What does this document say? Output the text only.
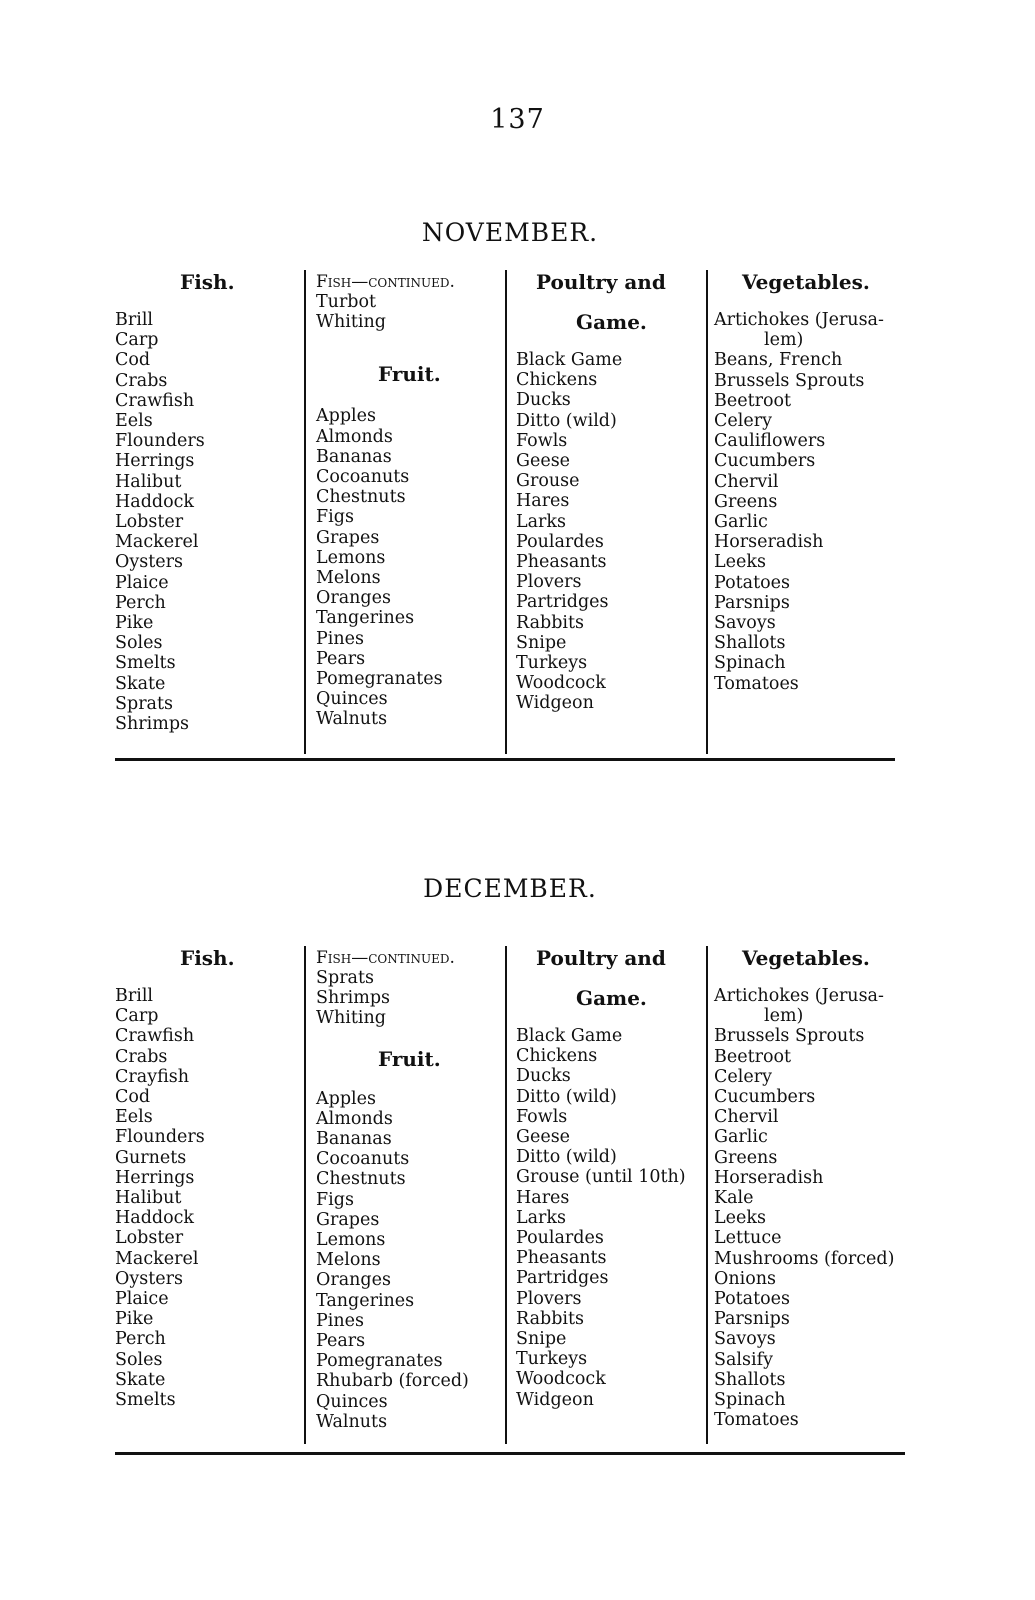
137
NOVEMBER.
Fish.
Brill
Carp
Cod
Crabs
Crawfish
Eels
Flounders
Herrings
Halibut
Haddock
Lobster
Mackerel
Oysters
Plaice
Perch
Pike
Soles
Smelts
Skate
Sprats
Shrimps
Fish—continued.
Turbot
Whiting
Fruit.
Apples
Almonds
Bananas
Cocoanuts
Chestnuts
Figs
Grapes
Lemons
Melons
Oranges
Tangerines
Pines
Pears
Pomegranates
Quinces
Walnuts
Poultry and
Game.
Black Game
Chickens
Ducks
Ditto (wild)
Fowls
Geese
Grouse
Hares
Larks
Poulardes
Pheasants
Plovers
Partridges
Rabbits
Snipe
Turkeys
Woodcock
Widgeon
Vegetables.
Artichokes (Jerusa-
lem)
Beans, French
Brussels Sprouts
Beetroot
Celery
Cauliflowers
Cucumbers
Chervil
Greens
Garlic
Horseradish
Leeks
Potatoes
Parsnips
Savoys
Shallots
Spinach
Tomatoes
DECEMBER.
Fish.
Brill
Carp
Crawfish
Crabs
Crayfish
Cod
Eels
Flounders
Gurnets
Herrings
Halibut
Haddock
Lobster
Mackerel
Oysters
Plaice
Pike
Perch
Soles
Skate
Smelts
Fish—continued.
Sprats
Shrimps
Whiting
Fruit.
Apples
Almonds
Bananas
Cocoanuts
Chestnuts
Figs
Grapes
Lemons
Melons
Oranges
Tangerines
Pines
Pears
Pomegranates
Rhubarb (forced)
Quinces
Walnuts
Poultry and
Game.
Black Game
Chickens
Ducks
Ditto (wild)
Fowls
Geese
Ditto (wild)
Grouse (until 10th)
Hares
Larks
Poulardes
Pheasants
Partridges
Plovers
Rabbits
Snipe
Turkeys
Woodcock
Widgeon
Vegetables.
Artichokes (Jerusa-
lem)
Brussels Sprouts
Beetroot
Celery
Cucumbers
Chervil
Garlic
Greens
Horseradish
Kale
Leeks
Lettuce
Mushrooms (forced)
Onions
Potatoes
Parsnips
Savoys
Salsify
Shallots
Spinach
Tomatoes
